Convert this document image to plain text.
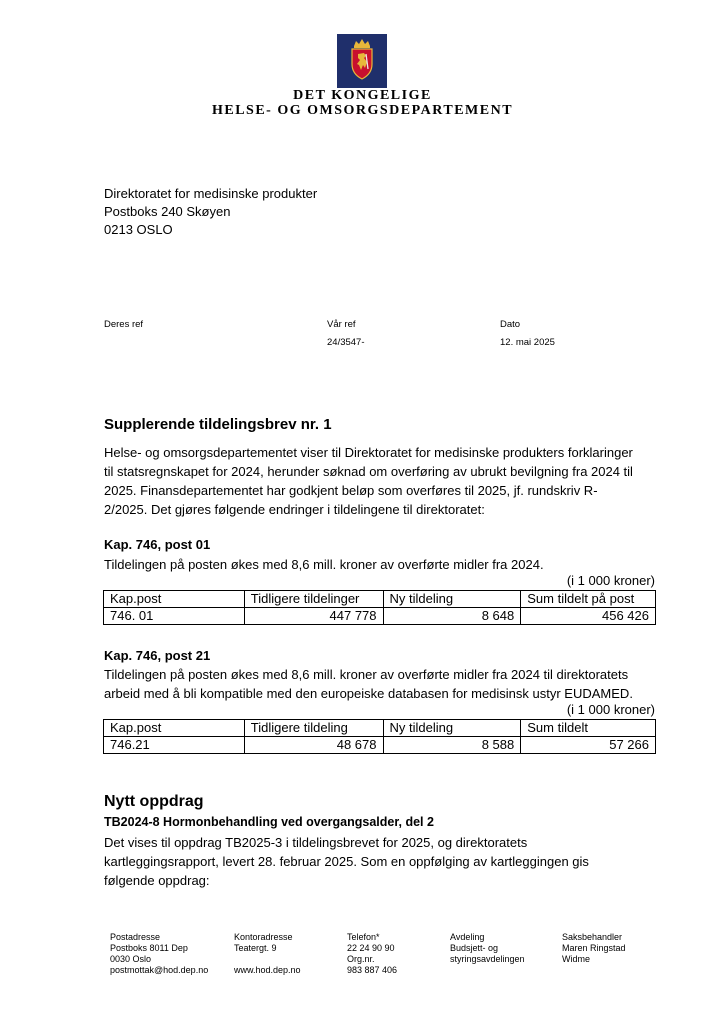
DET KONGELIGE
HELSE- OG OMSORGSDEPARTEMENT
Direktoratet for medisinske produkter
Postboks 240 Skøyen
0213 OSLO
Deres ref	Vår ref
24/3547-
Dato
12. mai 2025
Supplerende tildelingsbrev nr. 1
Helse- og omsorgsdepartementet viser til Direktoratet for medisinske produkters forklaringer
til statsregnskapet for 2024, herunder søknad om overføring av ubrukt bevilgning fra 2024 til
2025. Finansdepartementet har godkjent beløp som overføres til 2025, jf. rundskriv R-
2/2025. Det gjøres følgende endringer i tildelingene til direktoratet:
Kap. 746, post 01
Tildelingen på posten økes med 8,6 mill. kroner av overførte midler fra 2024.
(i 1 000 kroner)
Kap.post	Tidligere tildelinger	Ny tildeling	Sum tildelt på post
746. 01	447 778	8 648	456 426
Kap. 746, post 21
Tildelingen på posten økes med 8,6 mill. kroner av overførte midler fra 2024 til direktoratets
arbeid med å bli kompatible med den europeiske databasen for medisinsk ustyr EUDAMED.
(i 1 000 kroner)
Kap.post	Tidligere tildeling	Ny tildeling	Sum tildelt
746.21	48 678	8 588	57 266
Nytt oppdrag
TB2024-8 Hormonbehandling ved overgangsalder, del 2
Det vises til oppdrag TB2025-3 i tildelingsbrevet for 2025, og direktoratets
kartleggingsrapport, levert 28. februar 2025. Som en oppfølging av kartleggingen gis
følgende oppdrag:
Postadresse
Postboks 8011 Dep
0030 Oslo
postmottak@hod.dep.no
Kontoradresse
Teatergt. 9

www.hod.dep.no
Telefon*
22 24 90 90
Org.nr.
983 887 406
Avdeling
Budsjett- og
styringsavdelingen
Saksbehandler
Maren Ringstad
Widme
